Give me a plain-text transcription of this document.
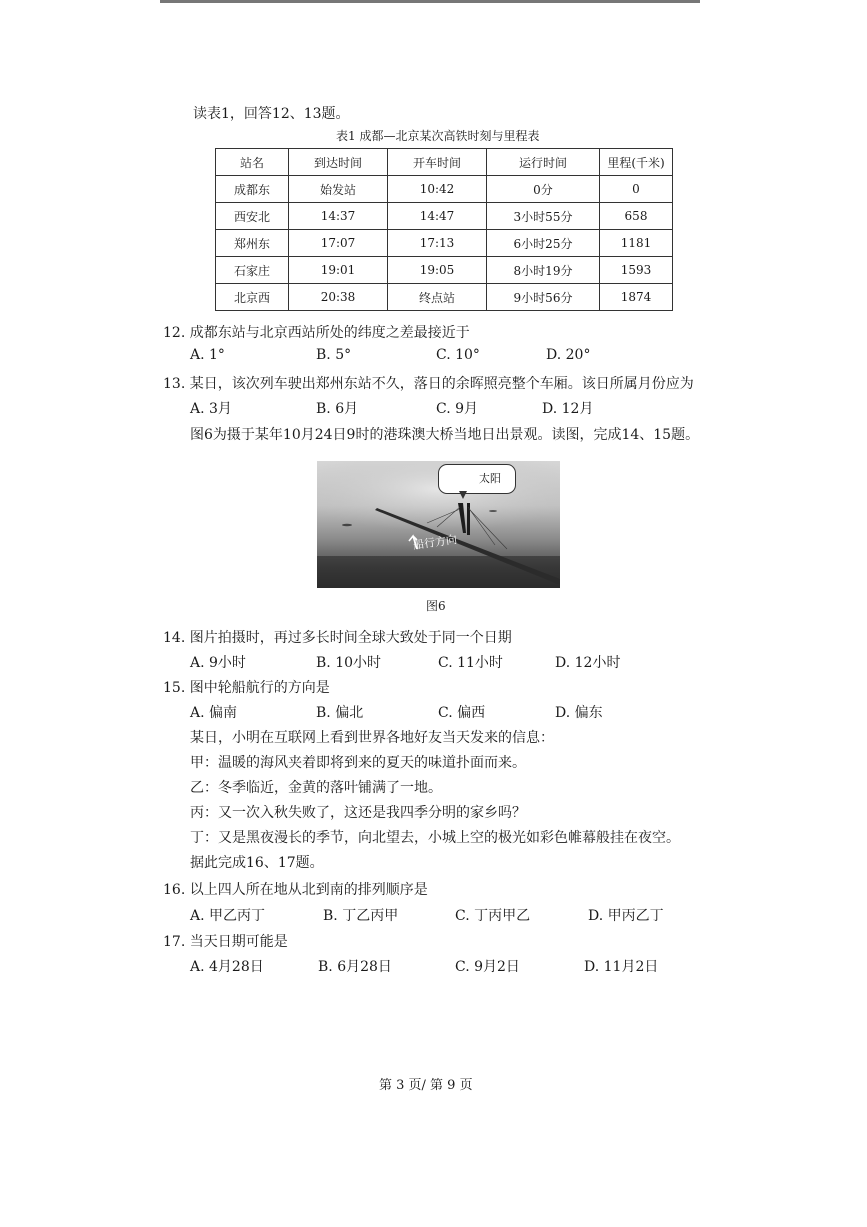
读表1，回答12、13题。
表1 成都—北京某次高铁时刻与里程表
站名	到达时间	开车时间	运行时间	里程(千米)
成都东	始发站	10:42	0分	0
西安北	14:37	14:47	3小时55分	658
郑州东	17:07	17:13	6小时25分	1181
石家庄	19:01	19:05	8小时19分	1593
北京西	20:38	终点站	9小时56分	1874
12. 成都东站与北京西站所处的纬度之差最接近于
A. 1°	B. 5°	C. 10°	D. 20°
13. 某日，该次列车驶出郑州东站不久，落日的余晖照亮整个车厢。该日所属月份应为
A. 3月	B. 6月	C. 9月	D. 12月
图6为摄于某年10月24日9时的港珠澳大桥当地日出景观。读图，完成14、15题。
太阳
船行方向
图6
14. 图片拍摄时，再过多长时间全球大致处于同一个日期
A. 9小时	B. 10小时	C. 11小时	D. 12小时
15. 图中轮船航行的方向是
A. 偏南	B. 偏北	C. 偏西	D. 偏东
某日，小明在互联网上看到世界各地好友当天发来的信息：
甲：温暖的海风夹着即将到来的夏天的味道扑面而来。
乙：冬季临近，金黄的落叶铺满了一地。
丙：又一次入秋失败了，这还是我四季分明的家乡吗？
丁：又是黑夜漫长的季节，向北望去，小城上空的极光如彩色帷幕般挂在夜空。
据此完成16、17题。
16. 以上四人所在地从北到南的排列顺序是
A. 甲乙丙丁	B. 丁乙丙甲	C. 丁丙甲乙	D. 甲丙乙丁
17. 当天日期可能是
A. 4月28日	B. 6月28日	C. 9月2日	D. 11月2日
第 3 页/ 第 9 页
